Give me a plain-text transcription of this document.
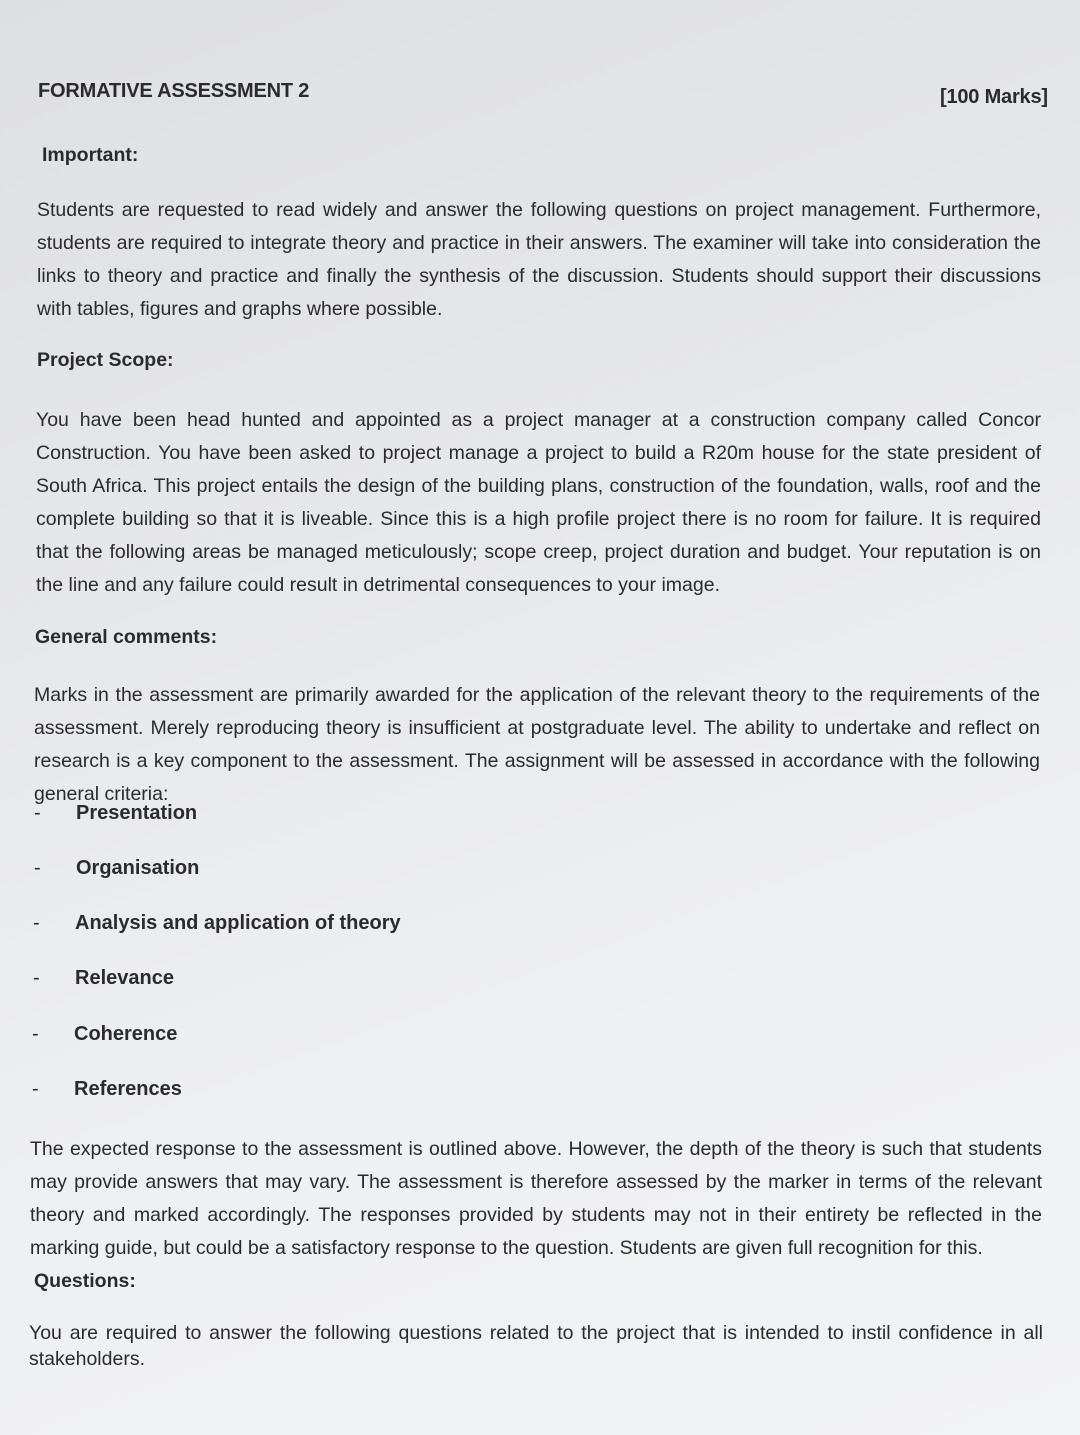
FORMATIVE ASSESSMENT 2	[100 Marks]
Important:
Students are requested to read widely and answer the following questions on project management. Furthermore, students are required to integrate theory and practice in their answers. The examiner will take into consideration the links to theory and practice and finally the synthesis of the discussion. Students should support their discussions with tables, figures and graphs where possible.
Project Scope:
You have been head hunted and appointed as a project manager at a construction company called Concor Construction. You have been asked to project manage a project to build a R20m house for the state president of South Africa. This project entails the design of the building plans, construction of the foundation, walls, roof and the complete building so that it is liveable. Since this is a high profile project there is no room for failure. It is required that the following areas be managed meticulously; scope creep, project duration and budget. Your reputation is on the line and any failure could result in detrimental consequences to your image.
General comments:
Marks in the assessment are primarily awarded for the application of the relevant theory to the requirements of the assessment. Merely reproducing theory is insufficient at postgraduate level. The ability to undertake and reflect on research is a key component to the assessment. The assignment will be assessed in accordance with the following general criteria:
- Presentation
- Organisation
- Analysis and application of theory
- Relevance
- Coherence
- References
The expected response to the assessment is outlined above. However, the depth of the theory is such that students may provide answers that may vary. The assessment is therefore assessed by the marker in terms of the relevant theory and marked accordingly. The responses provided by students may not in their entirety be reflected in the marking guide, but could be a satisfactory response to the question. Students are given full recognition for this.
Questions:
You are required to answer the following questions related to the project that is intended to instil confidence in all stakeholders.
